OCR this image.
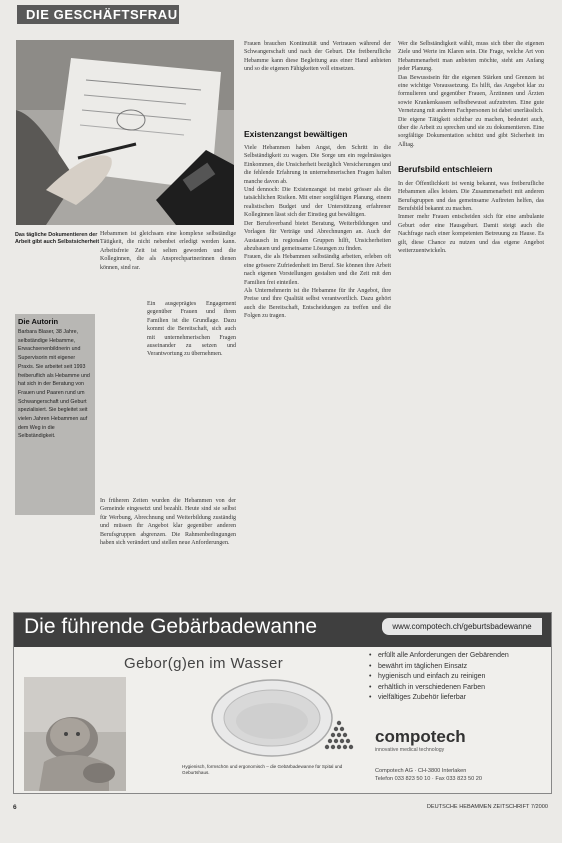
DIE GESCHÄFTSFRAU
Das tägliche Dokumentieren der Arbeit gibt auch Selbstsicherheit
Die Autorin
Barbara Blaser, 38 Jahre, selbständige Hebamme, Erwachsenenbildnerin und Supervisorin mit eigener Praxis. Sie arbeitet seit 1993 freiberuflich als Hebamme und hat sich in der Beratung von Frauen und Paaren rund um Schwangerschaft und Geburt spezialisiert. Sie begleitet seit vielen Jahren Hebammen auf dem Weg in die Selbständigkeit.

Hebammen ist gleichsam eine komplexe selbständige Tätigkeit, die nicht nebenbei erledigt werden kann. Arbeitsfreie Zeit ist selten geworden und die Kolleginnen, die als Ansprechpartnerinnen dienen können, sind rar.

Ein ausgeprägtes Engagement gegenüber Frauen und ihren Familien ist die Grundlage. Dazu kommt die Bereitschaft, sich auch mit unternehmerischen Fragen auseinander zu setzen und Verantwortung zu übernehmen.

In früheren Zeiten wurden die Hebammen von der Gemeinde eingesetzt und bezahlt. Heute sind sie selbst für Werbung, Abrechnung und Weiterbildung zuständig und müssen ihr Angebot klar gegenüber anderen Berufsgruppen abgrenzen. Die Rahmenbedingungen haben sich verändert und stellen neue Anforderungen.

Frauen brauchen Kontinuität und Vertrauen während der Schwangerschaft und nach der Geburt. Die freiberufliche Hebamme kann diese Begleitung aus einer Hand anbieten und so die eigenen Fähigkeiten voll einsetzen.

Existenzangst bewältigen

Viele Hebammen haben Angst, den Schritt in die Selbständigkeit zu wagen. Die Sorge um ein regelmässiges Einkommen, die Unsicherheit bezüglich Versicherungen und die fehlende Erfahrung in unternehmerischen Fragen halten manche davon ab.

Und dennoch: Die Existenzangst ist meist grösser als die tatsächlichen Risiken. Mit einer sorgfältigen Planung, einem realistischen Budget und der Unterstützung erfahrener Kolleginnen lässt sich der Einstieg gut bewältigen.

Der Berufsverband bietet Beratung, Weiterbildungen und Vorlagen für Verträge und Abrechnungen an. Auch der Austausch in regionalen Gruppen hilft, Unsicherheiten abzubauen und gemeinsame Lösungen zu finden.

Frauen, die als Hebammen selbständig arbeiten, erleben oft eine grössere Zufriedenheit im Beruf. Sie können ihre Arbeit nach eigenen Vorstellungen gestalten und die Zeit mit den Familien frei einteilen.

Als Unternehmerin ist die Hebamme für ihr Angebot, ihre Preise und ihre Qualität selbst verantwortlich. Dazu gehört auch die Bereitschaft, Entscheidungen zu treffen und die Folgen zu tragen.

Wer die Selbständigkeit wählt, muss sich über die eigenen Ziele und Werte im Klaren sein. Die Frage, welche Art von Hebammenarbeit man anbieten möchte, steht am Anfang jeder Planung.

Das Bewusstsein für die eigenen Stärken und Grenzen ist eine wichtige Voraussetzung. Es hilft, das Angebot klar zu formulieren und gegenüber Frauen, Ärztinnen und Ärzten sowie Krankenkassen selbstbewusst aufzutreten. Eine gute Vernetzung mit anderen Fachpersonen ist dabei unerlässlich.

Die eigene Tätigkeit sichtbar zu machen, bedeutet auch, über die Arbeit zu sprechen und sie zu dokumentieren. Eine sorgfältige Dokumentation schützt und gibt Sicherheit im Alltag.

Berufsbild entschleiern

In der Öffentlichkeit ist wenig bekannt, was freiberufliche Hebammen alles leisten. Die Zusammenarbeit mit anderen Berufsgruppen und das gemeinsame Auftreten helfen, das Berufsbild bekannt zu machen.

Immer mehr Frauen entscheiden sich für eine ambulante Geburt oder eine Hausgeburt. Damit steigt auch die Nachfrage nach einer kompetenten Betreuung zu Hause. Es gilt, diese Chance zu nutzen und das eigene Angebot weiterzuentwickeln.

Die führende Gebärbadewanne	www.compotech.ch/geburtsbadewanne
Gebor(g)en im Wasser
Hygienisch, formschön und ergonomisch – die Gebärbadewanne für Spital und Geburtshaus.
• erfüllt alle Anforderungen der Gebärenden
• bewährt im täglichen Einsatz
• hygienisch und einfach zu reinigen
• erhältlich in verschiedenen Farben
• vielfältiges Zubehör lieferbar
compotech
innovative medical technology
Compotech AG · CH-3800 Interlaken
Telefon 033 823 50 10 · Fax 033 823 50 20
6	DEUTSCHE HEBAMMEN ZEITSCHRIFT 7/2000
